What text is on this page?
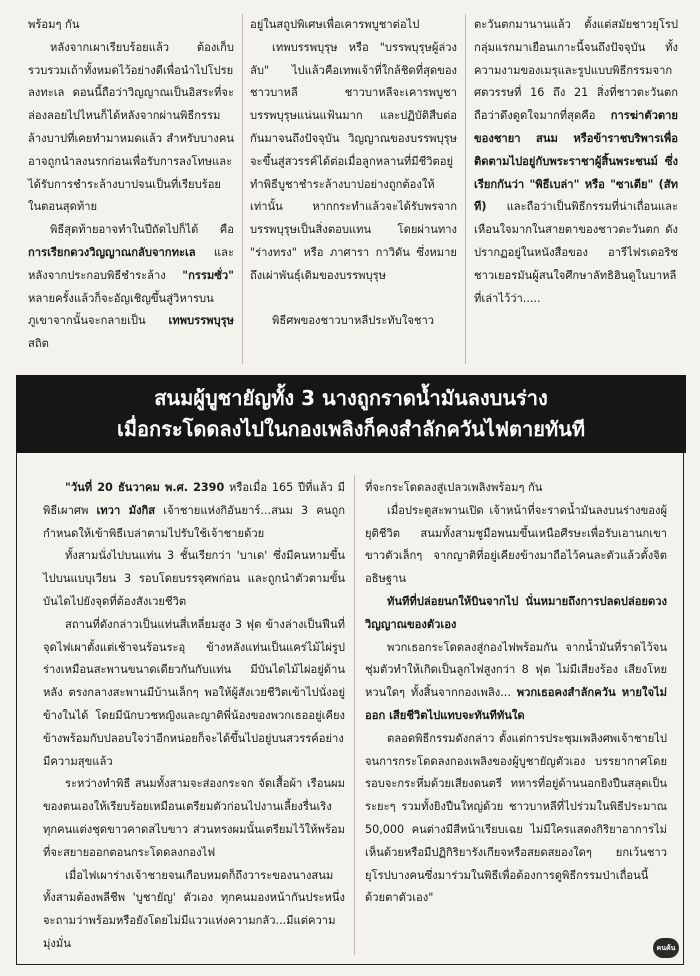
พร้อมๆ กัน

หลังจากเผาเรียบร้อยแล้ว ต้องเก็บรวบรวมเถ้าทั้งหมดไว้อย่างดีเพื่อนำไปโปรยลงทะเล ดอนนี้ถือว่าวิญญาณเป็นอิสระที่จะล่องลอยไปไหนก็ได้หลังจากผ่านพิธีกรรมล้างบาปที่เคยทำมาหมดแล้ว สำหรับบางคนอาจถูกนำลงนรกก่อนเพื่อรับการลงโทษและได้รับการชำระล้างบาปจนเป็นที่เรียบร้อยในตอนสุดท้าย

พิธีสุดท้ายอาจทำในปีถัดไปก็ได้ คือ การเรียกดวงวิญญาณกลับจากทะเล และหลังจากประกอบพิธีชำระล้าง "กรรมซั่ว" หลายครั้งแล้วก็จะอัญเชิญขึ้นสู่วิหารบนภูเขาจากนั้นจะกลายเป็น เทพบรรพบุรุษ สถิต

อยู่ในสถูปพิเศษเพื่อเคารพบูชาต่อไป

เทพบรรพบุรุษ หรือ "บรรพบุรุษผู้ล่วงลับ" ไปแล้วคือเทพเจ้าที่ใกล้ชิดที่สุดของชาวบาหลี ชาวบาหลีจะเคารพบูชาบรรพบุรุษแน่นแฟ้นมาก และปฏิบัติสืบต่อกันมาจนถึงปัจจุบัน วิญญาณของบรรพบุรุษจะขึ้นสู่สวรรค์ได้ต่อเมื่อลูกหลานที่มีชีวิตอยู่ทำพิธีบูชาชำระล้างบาปอย่างถูกต้องให้เท่านั้น หากกระทำแล้วจะได้รับพรจากบรรพบุรุษเป็นสิ่งตอบแทน โดยผ่านทาง "ร่างทรง" หรือ ภาศารา กาวิดัน ซึ่งหมายถึงเผ่าพันธุ์เดิมของบรรพบุรุษ

พิธีศพของชาวบาหลีประทับใจชาว

ตะวันตกมานานแล้ว ตั้งแต่สมัยชาวยุโรปกลุ่มแรกมาเยือนเกาะนี้จนถึงปัจจุบัน ทั้งความงามของเมรุและรูปแบบพิธีกรรมจากศตวรรษที่ 16 ถึง 21 สิ่งที่ชาวตะวันตกถือว่าดึงดูดใจมากที่สุดคือ การฆ่าตัวตายของชายา สนม หรือข้าราชบริพารเพื่อติดตามไปอยู่กับพระราชาผู้สิ้นพระชนม์ ซึ่งเรียกกันว่า "พิธีเบล่า" หรือ "ซาเตีย" (สัทที) และถือว่าเป็นพิธีกรรมที่น่าเถื่อนและเหือนใจมากในสายตาของชาวตะวันตก ดังปรากฏอยู่ในหนังสือของ อารีไฟรเดอริช ชาวเยอรมันผู้สนใจศึกษาลัทธิฮินดูในบาหลีที่เล่าไว้ว่า.....

สนมผู้บูชายัญทั้ง 3 นางถูกราดน้ำมันลงบนร่าง
เมื่อกระโดดลงไปในกองเพลิงก็คงสำลักควันไฟตายทันที

"วันที่ 20 ธันวาคม พ.ศ. 2390 หรือเมื่อ 165 ปีที่แล้ว มีพิธีเผาศพ เทวา มังกิส เจ้าชายแห่งกิอันยาร์...สนม 3 คนถูกกำหนดให้เข้าพิธีเบล่าตามไปรับใช้เจ้าชายด้วย

ทั้งสามนั่งไปบนแท่น 3 ชั้นเรียกว่า 'บาเด' ซึ่งมีคนหามขึ้นไปบนแบบุเวียน 3 รอบโดยบรรจุศพก่อน และถูกนำตัวตามขั้นบันไดไปยังจุดที่ต้องสังเวยชีวิต

สถานที่ดังกล่าวเป็นแท่นสี่เหลี่ยมสูง 3 ฟุต ข้างล่างเป็นฟืนที่จุดไฟเผาตั้งแต่เช้าจนร้อนระอุ ข้างหลังแท่นเป็นแคร่ไม้ไผ่รูปร่างเหมือนสะพานขนาดเดียวกันกับแท่น มีบันไดไม้ไผ่อยู่ด้านหลัง ตรงกลางสะพานมีบ้านเล็กๆ พอให้ผู้สังเวยชีวิตเข้าไปนั่งอยู่ข้างในได้ โดยมีนักบวชหญิงและญาติพี่น้องของพวกเธออยู่เคียงข้างพร้อมกับปลอบใจว่าอีกหน่อยก็จะได้ขึ้นไปอยู่บนสวรรค์อย่างมีความสุขแล้ว

ระหว่างทำพิธี สนมทั้งสามจะส่องกระจก จัดเสื้อผ้า เรือนผมของตนเองให้เรียบร้อยเหมือนเตรียมตัวก่อนไปงานเลี้ยงรื่นเริง ทุกคนแต่งชุดขาวคาดสไบขาว ส่วนทรงผมนั้นเตรียมไว้ให้พร้อมที่จะสยายออกตอนกระโดดลงกองไฟ

เมื่อไฟเผาร่างเจ้าชายจนเกือบหมดก็ถึงวาระของนางสนมทั้งสามต้องพลีชีพ 'บูชายัญ' ตัวเอง ทุกคนมองหน้ากันประหนึ่งจะถามว่าพร้อมหรือยังโดยไม่มีแววแห่งความกลัว...มีแต่ความมุ่งมั่น

ที่จะกระโดดลงสู่เปลวเพลิงพร้อมๆ กัน

เมื่อประตูสะพานเปิด เจ้าหน้าที่จะราดน้ำมันลงบนร่างของผู้ยุติชีวิต สนมทั้งสามชูมือพนมขึ้นเหนือศีรษะเพื่อรับเอานกเขาขาวตัวเล็กๆ จากญาติที่อยู่เคียงข้างมาถือไว้คนละตัวแล้วตั้งจิตอธิษฐาน

ทันทีที่ปล่อยนกให้บินจากไป นั่นหมายถึงการปลดปล่อยดวงวิญญาณของตัวเอง

พวกเธอกระโดดลงสู่กองไฟพร้อมกัน จากน้ำมันที่ราดไว้จนชุ่มตัวทำให้เกิดเป็นลูกไฟสูงกว่า 8 ฟุต ไม่มีเสียงร้อง เสียงโหยหวนใดๆ ทั้งสิ้นจากกองเพลิง... พวกเธอคงสำลักควัน หายใจไม่ออก เสียชีวิตไปแทบจะทันทีทันใด

ตลอดพิธีกรรมดังกล่าว ตั้งแต่การประชุมเพลิงศพเจ้าชายไปจนการกระโดดลงกองเพลิงของผู้บูชายัญตัวเอง บรรยากาศโดยรอบจะกระหึ่มด้วยเสียงดนตรี ทหารที่อยู่ด้านนอกยิงปืนสลุตเป็นระยะๆ รวมทั้งยิงปืนใหญ่ด้วย ชาวบาหลีที่ไปร่วมในพิธีประมาณ 50,000 คนต่างมีสีหน้าเรียบเฉย ไม่มีใครแสดงกิริยาอาการไม่เห็นด้วยหรือมีปฏิกิริยารังเกียจหรือสยดสยองใดๆ ยกเว้นชาวยุโรปบางคนซึ่งมาร่วมในพิธีเพื่อต้องการดูพิธีกรรมป่าเถื่อนนี้ด้วยตาตัวเอง"

คนค้น
